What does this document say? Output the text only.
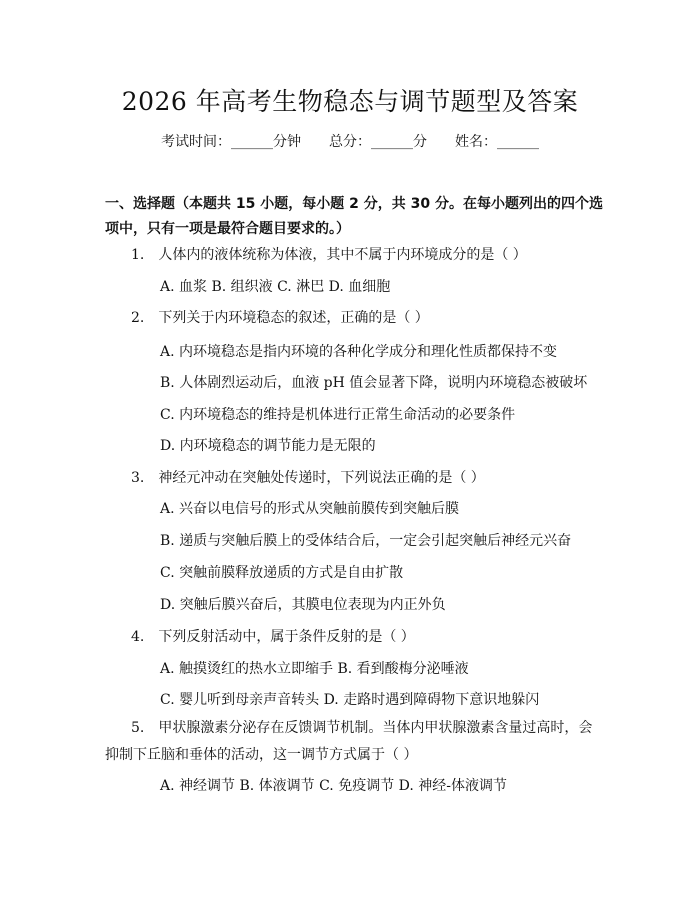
2026 年高考生物稳态与调节题型及答案
考试时间：______分钟 总分：______分 姓名：______
一、选择题（本题共 15 小题，每小题 2 分，共 30 分。在每小题列出的四个选项中，只有一项是最符合题目要求的。）
1.　人体内的液体统称为体液，其中不属于内环境成分的是（ ）
A. 血浆 B. 组织液 C. 淋巴 D. 血细胞
2.　下列关于内环境稳态的叙述，正确的是（ ）
A. 内环境稳态是指内环境的各种化学成分和理化性质都保持不变
B. 人体剧烈运动后，血液 pH 值会显著下降，说明内环境稳态被破坏
C. 内环境稳态的维持是机体进行正常生命活动的必要条件
D. 内环境稳态的调节能力是无限的
3.　神经元冲动在突触处传递时，下列说法正确的是（ ）
A. 兴奋以电信号的形式从突触前膜传到突触后膜
B. 递质与突触后膜上的受体结合后，一定会引起突触后神经元兴奋
C. 突触前膜释放递质的方式是自由扩散
D. 突触后膜兴奋后，其膜电位表现为内正外负
4.　下列反射活动中，属于条件反射的是（ ）
A. 触摸烫红的热水立即缩手 B. 看到酸梅分泌唾液
C. 婴儿听到母亲声音转头 D. 走路时遇到障碍物下意识地躲闪
5.　甲状腺激素分泌存在反馈调节机制。当体内甲状腺激素含量过高时，会抑制下丘脑和垂体的活动，这一调节方式属于（ ）
A. 神经调节 B. 体液调节 C. 免疫调节 D. 神经-体液调节
